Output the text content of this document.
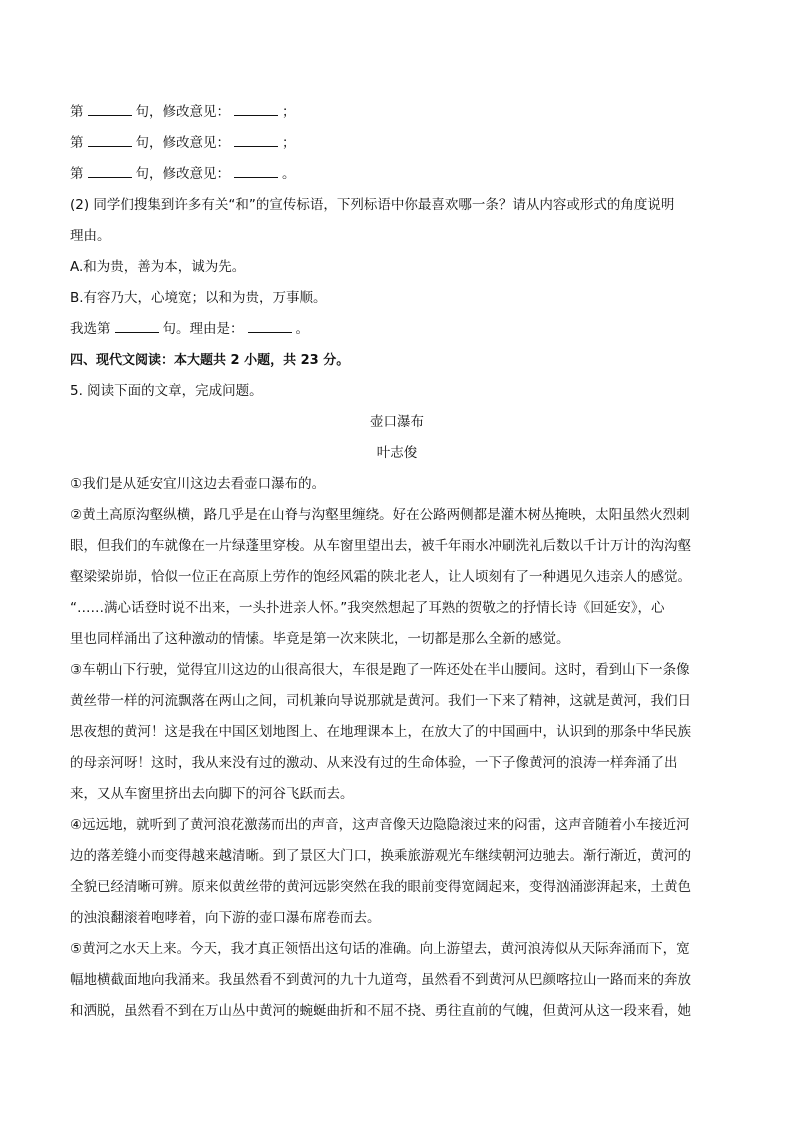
第	句，修改意见：	；
第	句，修改意见：	；
第	句，修改意见：	。
(2) 同学们搜集到许多有关“和”的宣传标语，下列标语中你最喜欢哪一条？请从内容或形式的角度说明
理由。
A.和为贵，善为本，诚为先。
B.有容乃大，心境宽；以和为贵，万事顺。
我选第	句。理由是：	。
四、现代文阅读：本大题共 2 小题，共 23 分。
5. 阅读下面的文章，完成问题。
壶口瀑布
叶志俊
①我们是从延安宜川这边去看壶口瀑布的。
②黄土高原沟壑纵横，路几乎是在山脊与沟壑里缠绕。好在公路两侧都是灌木树丛掩映，太阳虽然火烈刺
眼，但我们的车就像在一片绿蓬里穿梭。从车窗里望出去，被千年雨水冲刷洗礼后数以千计万计的沟沟壑
壑梁梁峁峁，恰似一位正在高原上劳作的饱经风霜的陕北老人，让人顷刻有了一种遇见久违亲人的感觉。
“……满心话登时说不出来，一头扑进亲人怀。”我突然想起了耳熟的贺敬之的抒情长诗《回延安》，心
里也同样涌出了这种激动的情愫。毕竟是第一次来陕北，一切都是那么全新的感觉。
③车朝山下行驶，觉得宜川这边的山很高很大，车很是跑了一阵还处在半山腰间。这时，看到山下一条像
黄丝带一样的河流飘落在两山之间，司机兼向导说那就是黄河。我们一下来了精神，这就是黄河，我们日
思夜想的黄河！这是我在中国区划地图上、在地理课本上，在放大了的中国画中，认识到的那条中华民族
的母亲河呀！这时，我从来没有过的激动、从来没有过的生命体验，一下子像黄河的浪涛一样奔涌了出
来，又从车窗里挤出去向脚下的河谷飞跃而去。
④远远地，就听到了黄河浪花激荡而出的声音，这声音像天边隐隐滚过来的闷雷，这声音随着小车接近河
边的落差缝小而变得越来越清晰。到了景区大门口，换乘旅游观光车继续朝河边驰去。渐行渐近，黄河的
全貌已经清晰可辨。原来似黄丝带的黄河远影突然在我的眼前变得宽阔起来，变得汹涌澎湃起来，土黄色
的浊浪翻滚着咆哮着，向下游的壶口瀑布席卷而去。
⑤黄河之水天上来。今天，我才真正领悟出这句话的准确。向上游望去，黄河浪涛似从天际奔涌而下，宽
幅地横截面地向我涌来。我虽然看不到黄河的九十九道弯，虽然看不到黄河从巴颜喀拉山一路而来的奔放
和洒脱，虽然看不到在万山丛中黄河的蜿蜒曲折和不屈不挠、勇往直前的气魄，但黄河从这一段来看，她
